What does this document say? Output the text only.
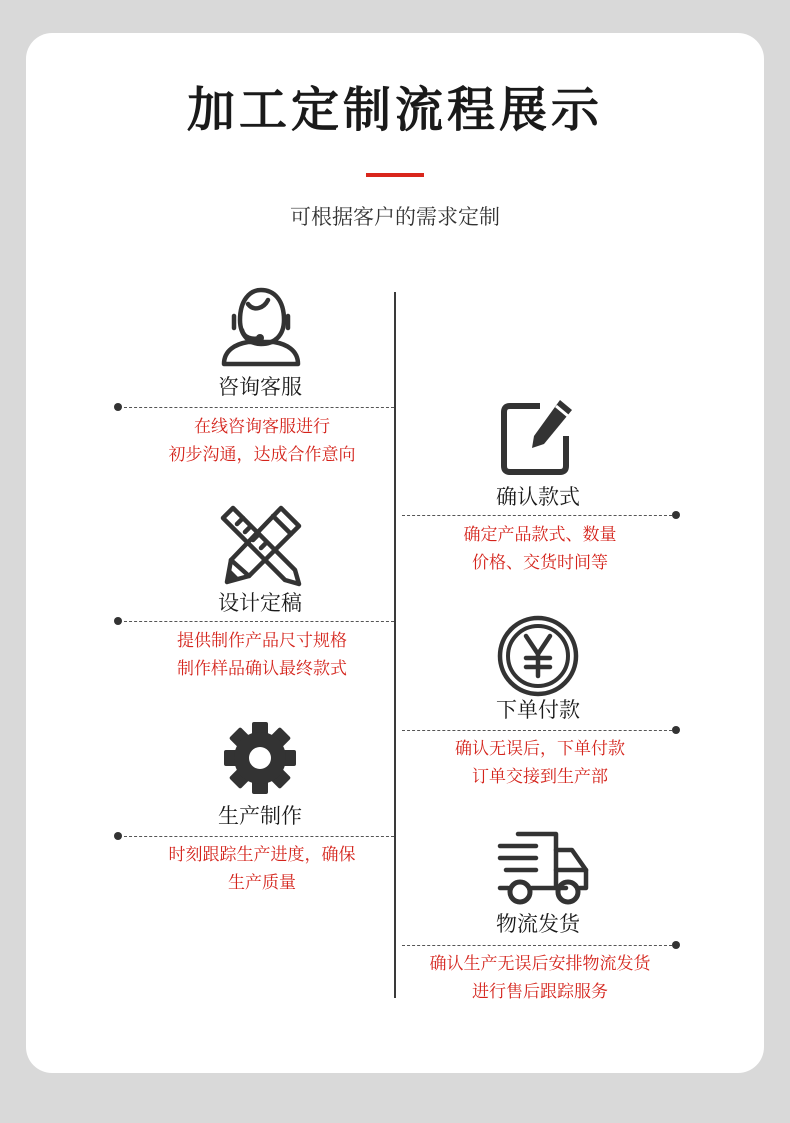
加工定制流程展示
可根据客户的需求定制
咨询客服
在线咨询客服进行
初步沟通，达成合作意向
确认款式
确定产品款式、数量
价格、交货时间等
设计定稿
提供制作产品尺寸规格
制作样品确认最终款式
下单付款
确认无误后，下单付款
订单交接到生产部
生产制作
时刻跟踪生产进度，确保
生产质量
物流发货
确认生产无误后安排物流发货
进行售后跟踪服务
